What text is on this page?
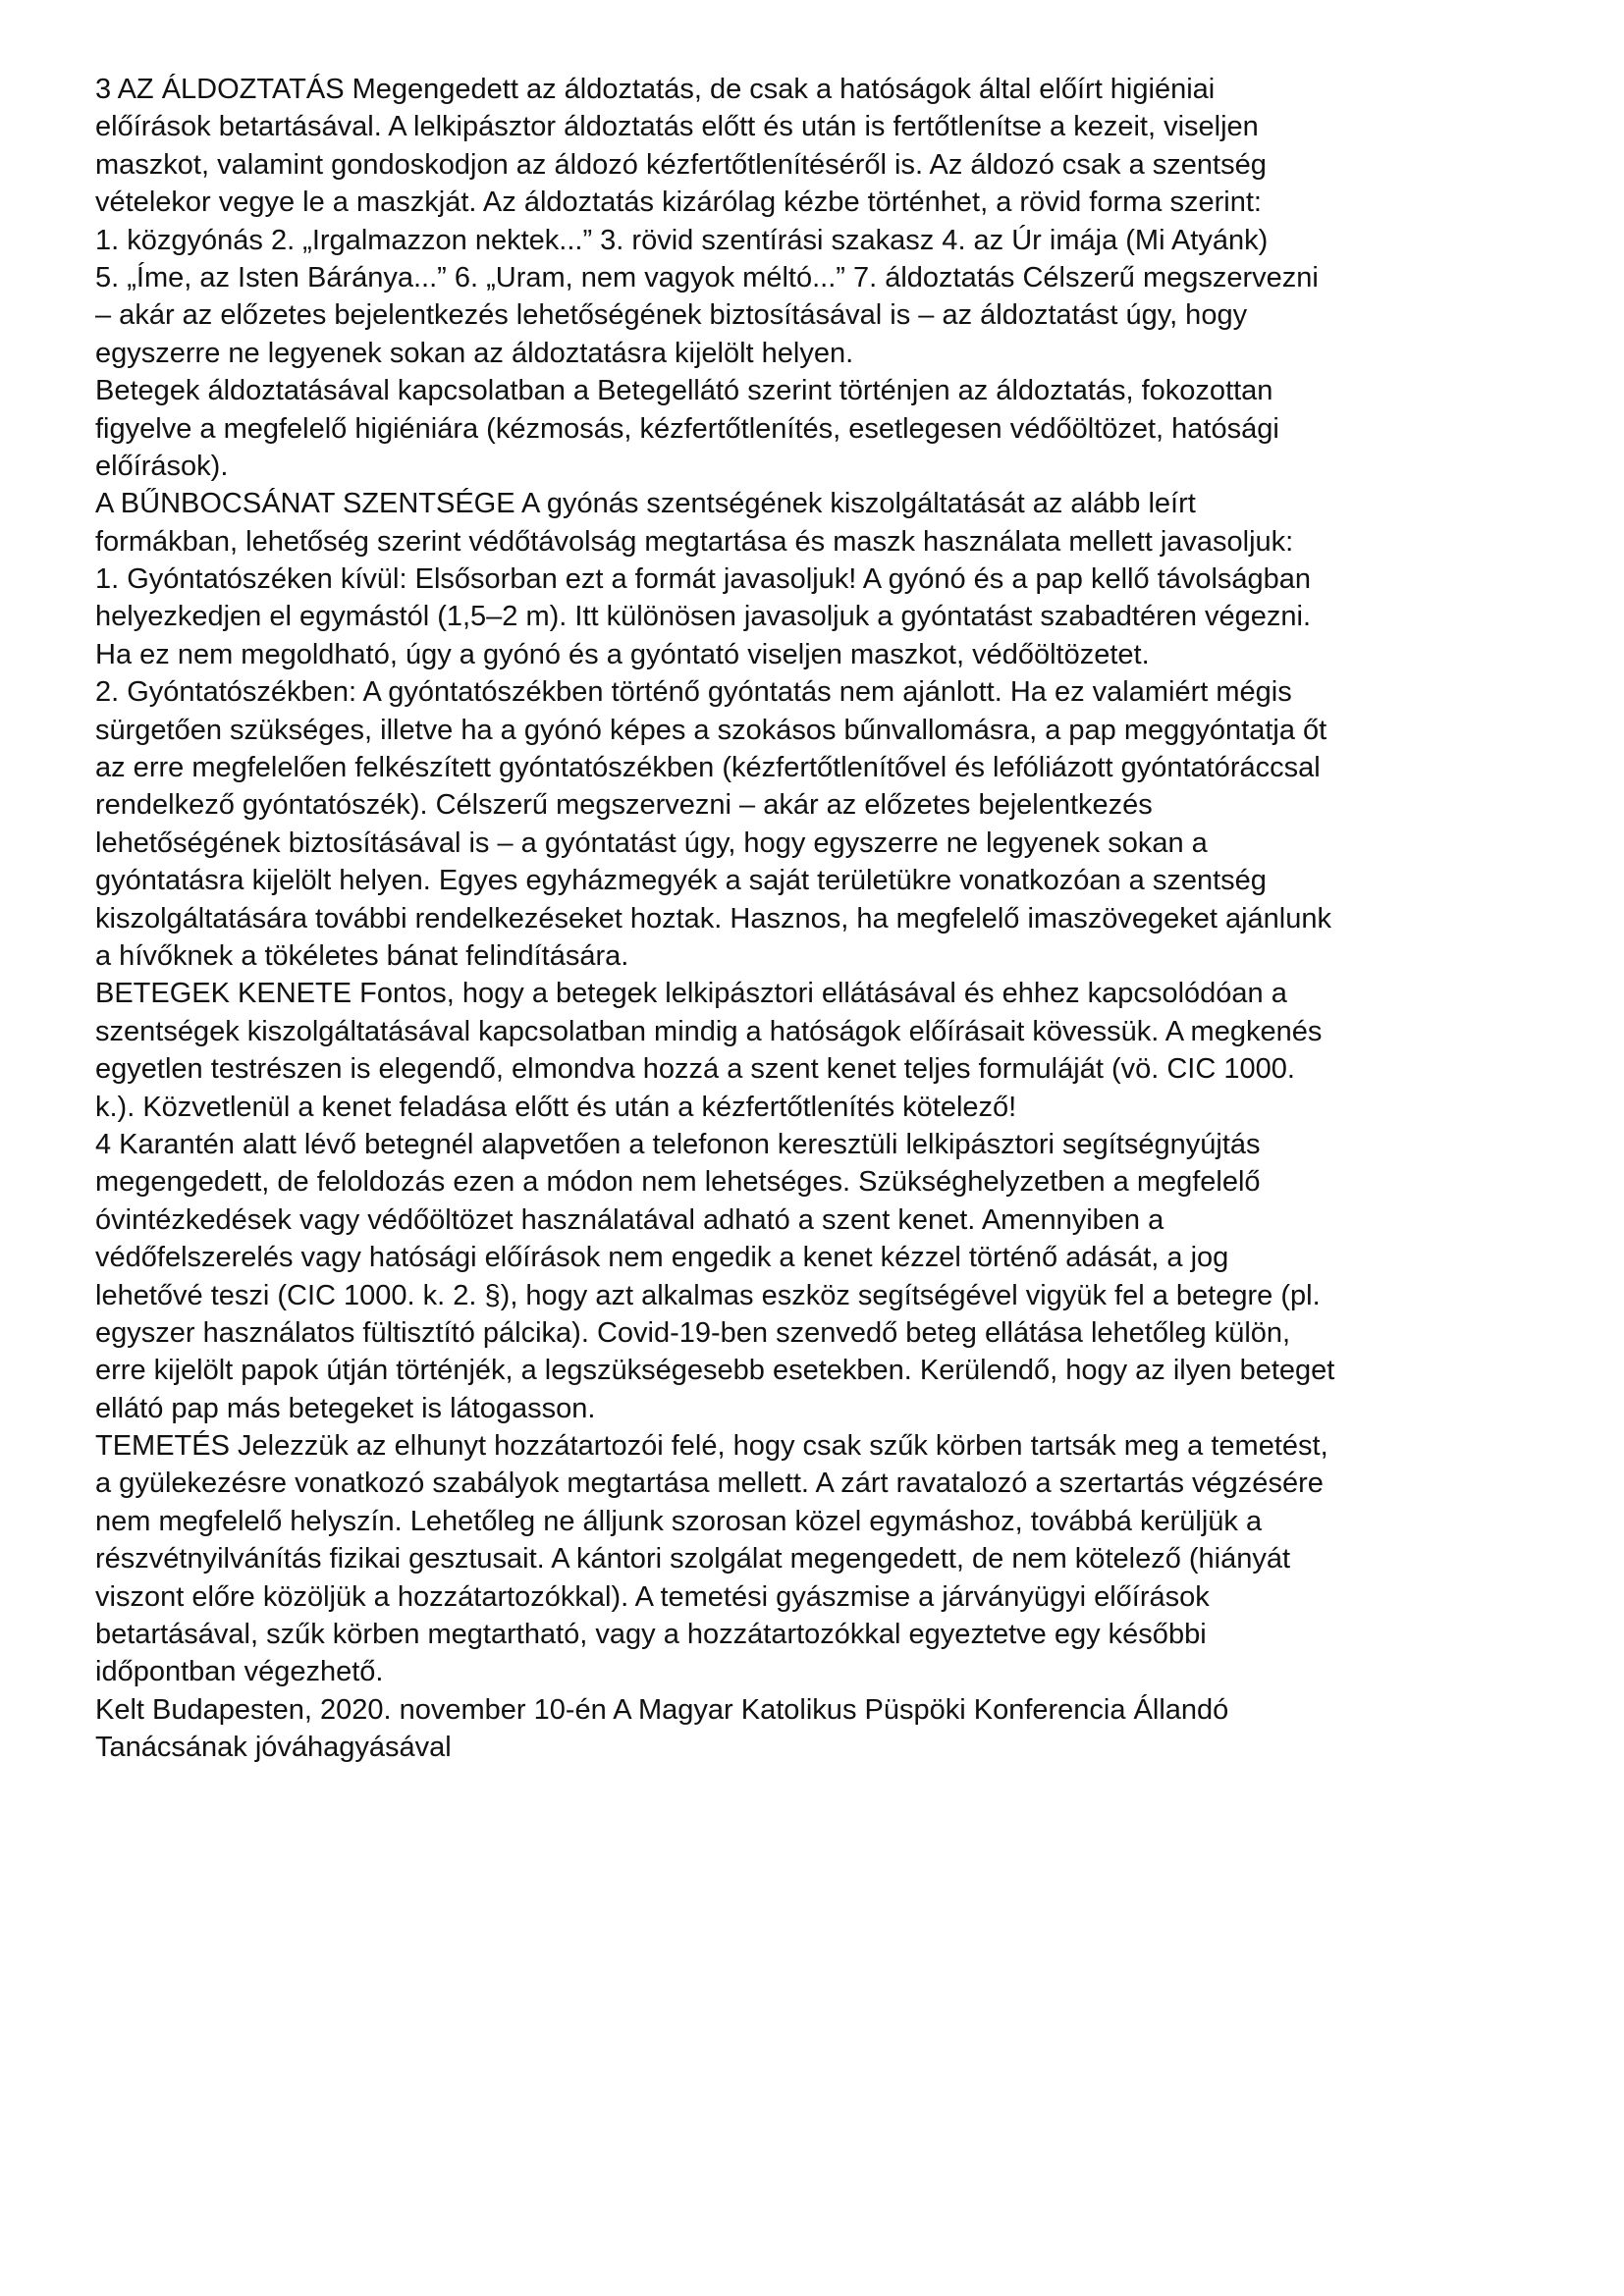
3 AZ ÁLDOZTATÁS Megengedett az áldoztatás, de csak a hatóságok által előírt higiéniai
előírások betartásával. A lelkipásztor áldoztatás előtt és után is fertőtlenítse a kezeit, viseljen
maszkot, valamint gondoskodjon az áldozó kézfertőtlenítéséről is. Az áldozó csak a szentség
vételekor vegye le a maszkját. Az áldoztatás kizárólag kézbe történhet, a rövid forma szerint:
1. közgyónás 2. „Irgalmazzon nektek...” 3. rövid szentírási szakasz 4. az Úr imája (Mi Atyánk)
5. „Íme, az Isten Báránya...” 6. „Uram, nem vagyok méltó...” 7. áldoztatás Célszerű megszervezni
– akár az előzetes bejelentkezés lehetőségének biztosításával is – az áldoztatást úgy, hogy
egyszerre ne legyenek sokan az áldoztatásra kijelölt helyen.
Betegek áldoztatásával kapcsolatban a Betegellátó szerint történjen az áldoztatás, fokozottan
figyelve a megfelelő higiéniára (kézmosás, kézfertőtlenítés, esetlegesen védőöltözet, hatósági
előírások).
A BŰNBOCSÁNAT SZENTSÉGE A gyónás szentségének kiszolgáltatását az alább leírt
formákban, lehetőség szerint védőtávolság megtartása és maszk használata mellett javasoljuk:
1. Gyóntatószéken kívül: Elsősorban ezt a formát javasoljuk! A gyónó és a pap kellő távolságban
helyezkedjen el egymástól (1,5–2 m). Itt különösen javasoljuk a gyóntatást szabadtéren végezni.
Ha ez nem megoldható, úgy a gyónó és a gyóntató viseljen maszkot, védőöltözetet.
2. Gyóntatószékben: A gyóntatószékben történő gyóntatás nem ajánlott. Ha ez valamiért mégis
sürgetően szükséges, illetve ha a gyónó képes a szokásos bűnvallomásra, a pap meggyóntatja őt
az erre megfelelően felkészített gyóntatószékben (kézfertőtlenítővel és lefóliázott gyóntatóráccsal
rendelkező gyóntatószék). Célszerű megszervezni – akár az előzetes bejelentkezés
lehetőségének biztosításával is – a gyóntatást úgy, hogy egyszerre ne legyenek sokan a
gyóntatásra kijelölt helyen. Egyes egyházmegyék a saját területükre vonatkozóan a szentség
kiszolgáltatására további rendelkezéseket hoztak. Hasznos, ha megfelelő imaszövegeket ajánlunk
a hívőknek a tökéletes bánat felindítására.
BETEGEK KENETE Fontos, hogy a betegek lelkipásztori ellátásával és ehhez kapcsolódóan a
szentségek kiszolgáltatásával kapcsolatban mindig a hatóságok előírásait kövessük. A megkenés
egyetlen testrészen is elegendő, elmondva hozzá a szent kenet teljes formuláját (vö. CIC 1000.
k.). Közvetlenül a kenet feladása előtt és után a kézfertőtlenítés kötelező!
4 Karantén alatt lévő betegnél alapvetően a telefonon keresztüli lelkipásztori segítségnyújtás
megengedett, de feloldozás ezen a módon nem lehetséges. Szükséghelyzetben a megfelelő
óvintézkedések vagy védőöltözet használatával adható a szent kenet. Amennyiben a
védőfelszerelés vagy hatósági előírások nem engedik a kenet kézzel történő adását, a jog
lehetővé teszi (CIC 1000. k. 2. §), hogy azt alkalmas eszköz segítségével vigyük fel a betegre (pl.
egyszer használatos fültisztító pálcika). Covid-19-ben szenvedő beteg ellátása lehetőleg külön,
erre kijelölt papok útján történjék, a legszükségesebb esetekben. Kerülendő, hogy az ilyen beteget
ellátó pap más betegeket is látogasson.
TEMETÉS Jelezzük az elhunyt hozzátartozói felé, hogy csak szűk körben tartsák meg a temetést,
a gyülekezésre vonatkozó szabályok megtartása mellett. A zárt ravatalozó a szertartás végzésére
nem megfelelő helyszín. Lehetőleg ne álljunk szorosan közel egymáshoz, továbbá kerüljük a
részvétnyilvánítás fizikai gesztusait. A kántori szolgálat megengedett, de nem kötelező (hiányát
viszont előre közöljük a hozzátartozókkal). A temetési gyászmise a járványügyi előírások
betartásával, szűk körben megtartható, vagy a hozzátartozókkal egyeztetve egy későbbi
időpontban végezhető.
Kelt Budapesten, 2020. november 10-én A Magyar Katolikus Püspöki Konferencia Állandó
Tanácsának jóváhagyásával
